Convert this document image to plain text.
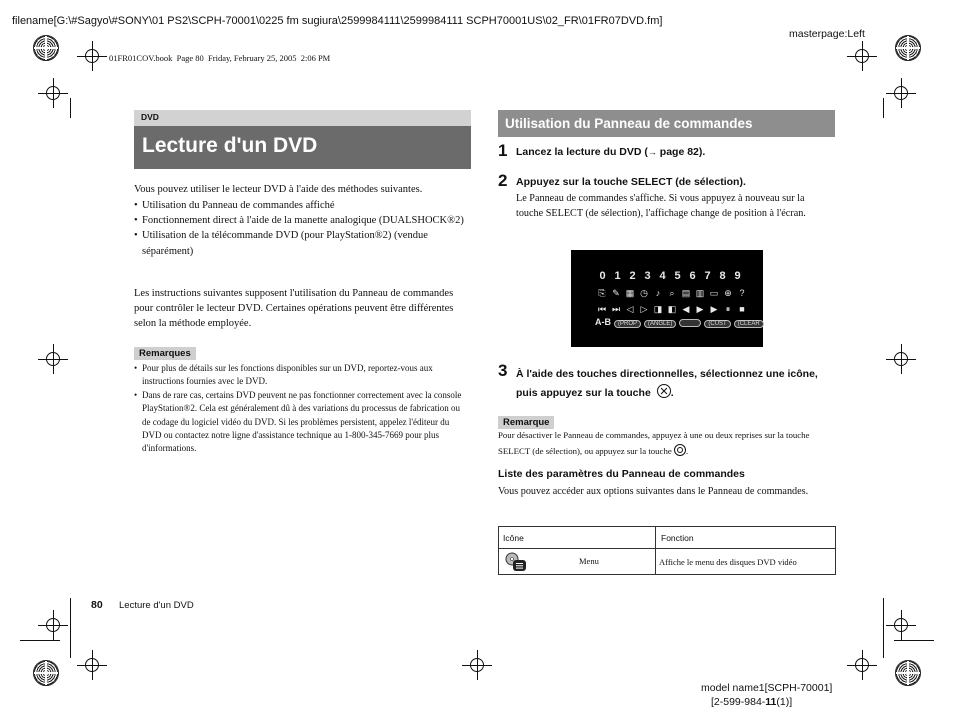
filename[G:\#Sagyo\#SONY\01 PS2\SCPH-70001\0225 fm sugiura\2599984111\2599984111 SCPH70001US\02_FR\01FR07DVD.fm]
masterpage:Left
01FR01COV.book  Page 80  Friday, February 25, 2005  2:06 PM
DVD
Lecture d'un DVD
Vous pouvez utiliser le lecteur DVD à l'aide des méthodes suivantes.
• Utilisation du Panneau de commandes affiché
• Fonctionnement direct à l'aide de la manette analogique (DUALSHOCK®2)
• Utilisation de la télécommande DVD (pour PlayStation®2) (vendue séparément)
Les instructions suivantes supposent l'utilisation du Panneau de commandes pour contrôler le lecteur DVD. Certaines opérations peuvent être différentes selon la méthode employée.
Remarques
• Pour plus de détails sur les fonctions disponibles sur un DVD, reportez-vous aux instructions fournies avec le DVD.
• Dans de rare cas, certains DVD peuvent ne pas fonctionner correctement avec la console PlayStation®2. Cela est généralement dû à des variations du processus de fabrication ou de codage du logiciel vidéo du DVD. Si les problèmes persistent, appelez l'éditeur du DVD ou contactez notre ligne d'assistance technique au 1-800-345-7669 pour plus d'informations.
Utilisation du Panneau de commandes
1 Lancez la lecture du DVD (→ page 82).
2 Appuyez sur la touche SELECT (de sélection).
Le Panneau de commandes s'affiche. Si vous appuyez à nouveau sur la touche SELECT (de sélection), l'affichage change de position à l'écran.
0 1 2 3 4 5 6 7 8 9
⎘ ✎ ▦ ◷ ♪ ⌕ ▤ ▥ ▭ ⊕ ?
⏮ ⏭ ◁ ▷ ◨ ◧ ◀ ▶ ▶ ⏸ ■
A-B (PROP (ANGLE)	(CUST (CLEAR
3 À l'aide des touches directionnelles, sélectionnez une icône,
puis appuyez sur la touche .
Remarque
Pour désactiver le Panneau de commandes, appuyez à une ou deux reprises sur la touche SELECT (de sélection), ou appuyez sur la touche .
Liste des paramètres du Panneau de commandes
Vous pouvez accéder aux options suivantes dans le Panneau de commandes.
Icône	Fonction

Menu	Affiche le menu des disques DVD vidéo
80 Lecture d'un DVD
model name1[SCPH-70001]
[2-599-984-11(1)]
